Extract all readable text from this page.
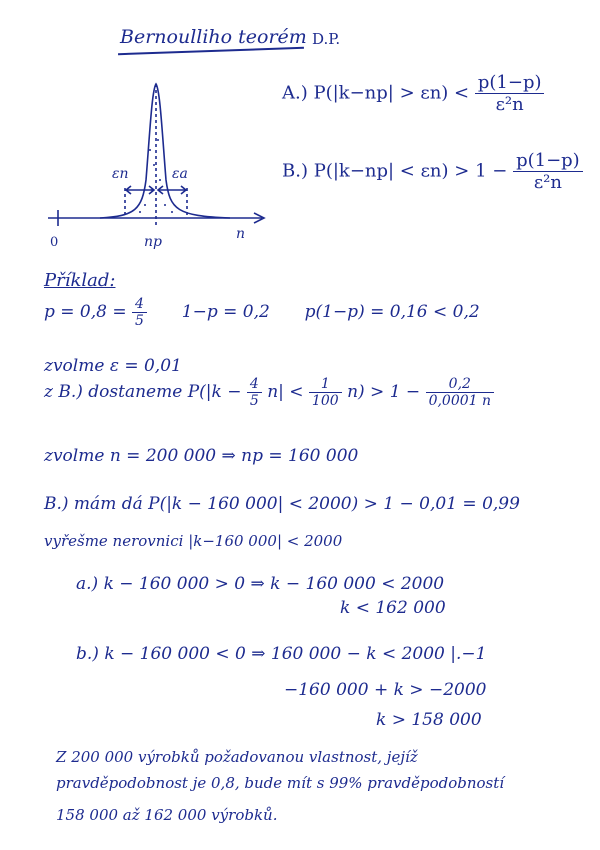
Bernoulliho teorém D.P.
A.) $P(|k-np| > \varepsilon n) < \frac{p(1-p)}{\text{ε²n}}$
B.) $P(|k-np| < \varepsilon n) > 1 - \frac{p(1-p)}{\text{ε²n}}$
εn	εa
np	n
0
Příklad:
$p = 0,8 = \frac{4}{5} 1-p = 0,2$ p(1−p) = 0,16 < 0,2
zvolme ε = 0,01
z B.) dostaneme $P(|k - \frac{4}{5} n| < \frac{1}{100} n) > 1 - \frac{0,2}{0,0001 n}$
zvolme n = 200 000 ⇒ np = 160 000
B.) mám dá P(|k − 160 000| < 2000) > 1 − 0,01 = 0,99
vyřešme nerovnici |k−160 000| < 2000
a.) k − 160 000 > 0 ⇒ k − 160 000 < 2000
k < 162 000
b.) k − 160 000 < 0 ⇒ 160 000 − k < 2000 |.−1
−160 000 + k > −2000
k > 158 000
Z 200 000 výrobků požadovanou vlastnost, jejíž
pravděpodobnost je 0,8, bude mít s 99% pravděpodobností
158 000 až 162 000 výrobků.
